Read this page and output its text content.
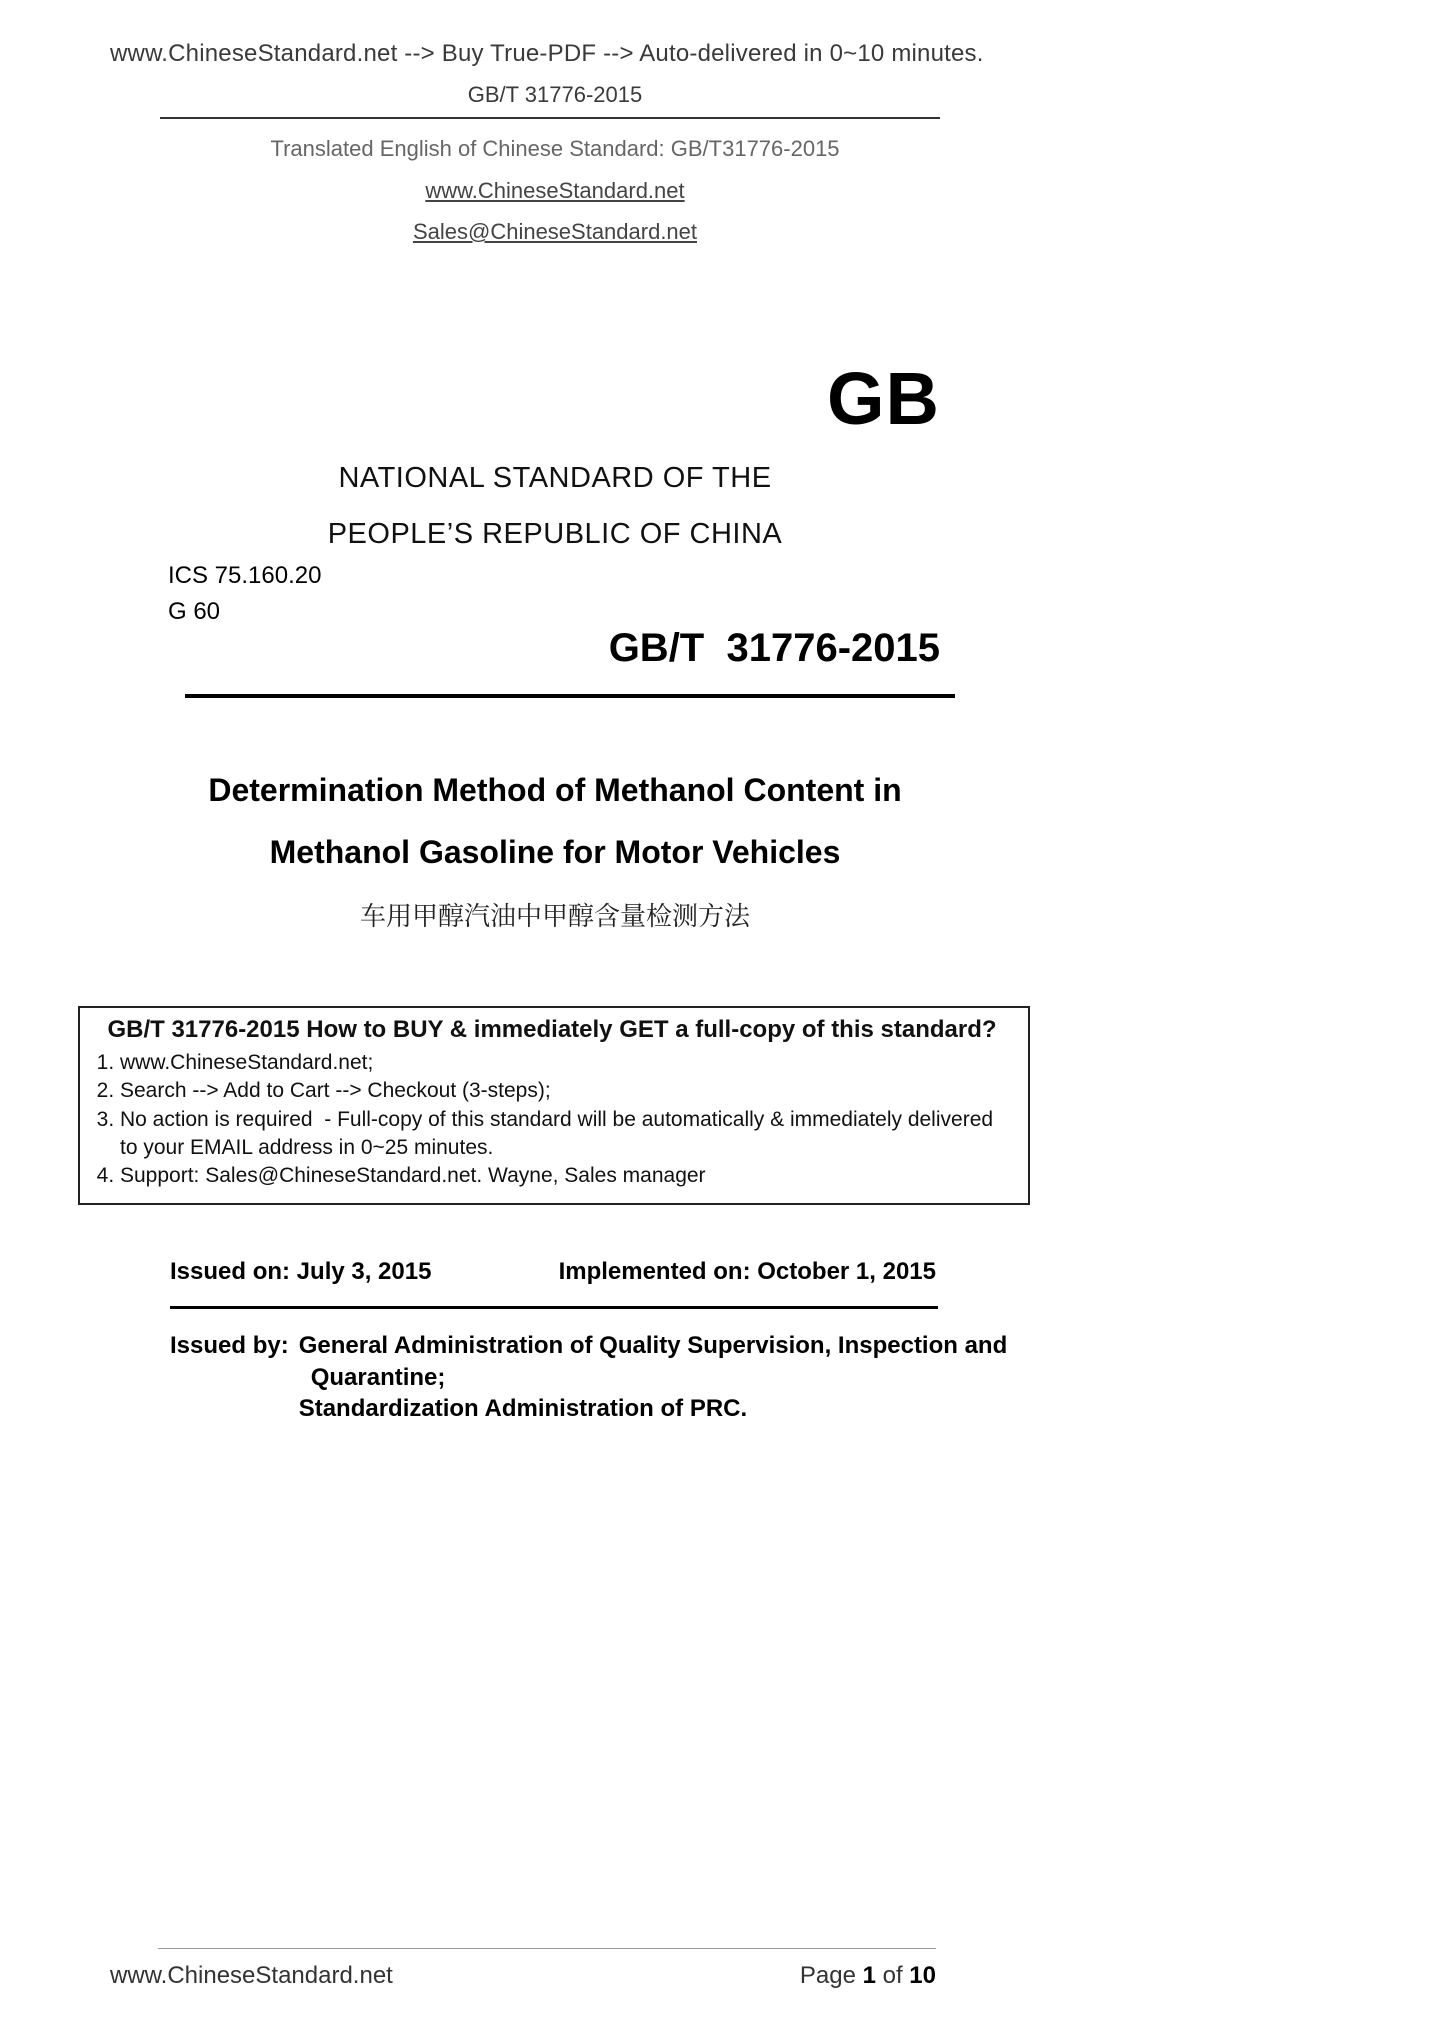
www.ChineseStandard.net --> Buy True-PDF --> Auto-delivered in 0~10 minutes.
GB/T 31776-2015
Translated English of Chinese Standard: GB/T31776-2015
www.ChineseStandard.net
Sales@ChineseStandard.net
GB
NATIONAL STANDARD OF THE
PEOPLE’S REPUBLIC OF CHINA
ICS 75.160.20
G 60
GB/T  31776-2015
Determination Method of Methanol Content in
Methanol Gasoline for Motor Vehicles
车用甲醇汽油中甲醇含量检测方法
GB/T 31776-2015 How to BUY & immediately GET a full-copy of this standard?
1. www.ChineseStandard.net;
2. Search --> Add to Cart --> Checkout (3-steps);
3. No action is required  - Full-copy of this standard will be automatically & immediately delivered to your EMAIL address in 0~25 minutes.
4. Support: Sales@ChineseStandard.net. Wayne, Sales manager
Issued on: July 3, 2015	Implemented on: October 1, 2015
Issued by: General Administration of Quality Supervision, Inspection and
Quarantine;
Standardization Administration of PRC.
www.ChineseStandard.net	Page 1 of 10
